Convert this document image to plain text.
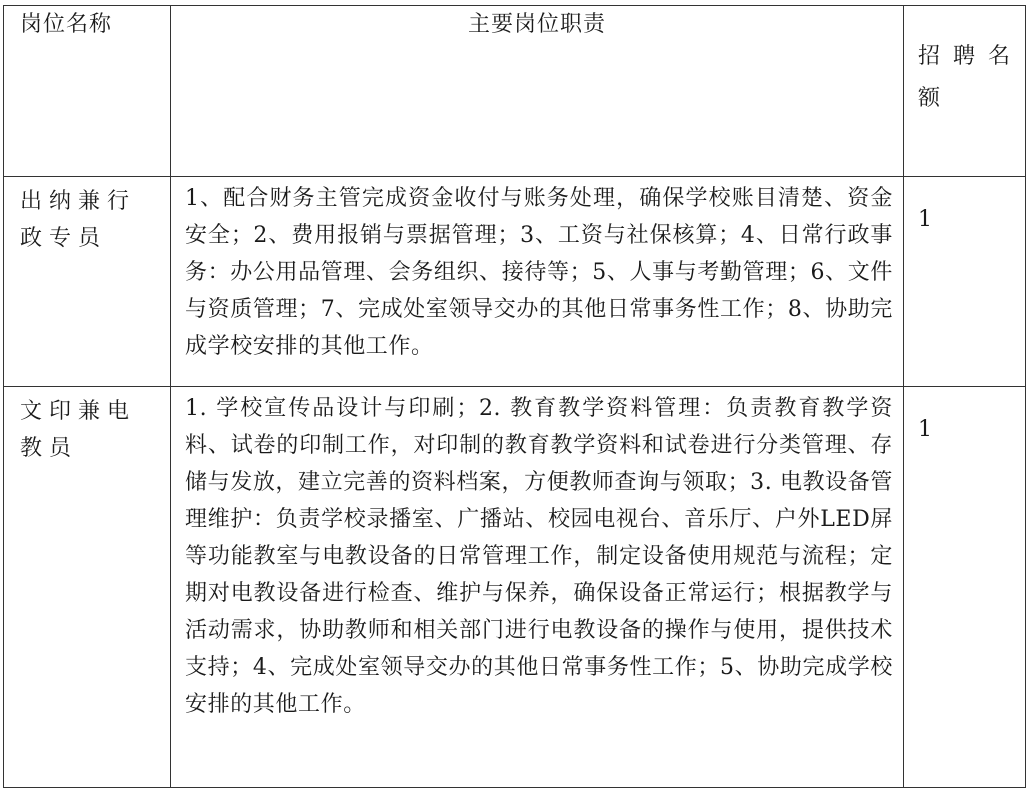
岗位名称	主要岗位职责	招聘名额
出纳兼行政专员	1、配合财务主管完成资金收付与账务处理，确保学校账目清楚、资金安全；2、费用报销与票据管理；3、工资与社保核算；4、日常行政事务：办公用品管理、会务组织、接待等；5、人事与考勤管理；6、文件与资质管理；7、完成处室领导交办的其他日常事务性工作；8、协助完成学校安排的其他工作。	1
文印兼电教员	1. 学校宣传品设计与印刷；2. 教育教学资料管理：负责教育教学资料、试卷的印制工作，对印制的教育教学资料和试卷进行分类管理、存储与发放，建立完善的资料档案，方便教师查询与领取；3. 电教设备管理维护：负责学校录播室、广播站、校园电视台、音乐厅、户外LED屏等功能教室与电教设备的日常管理工作，制定设备使用规范与流程；定期对电教设备进行检查、维护与保养，确保设备正常运行；根据教学与活动需求，协助教师和相关部门进行电教设备的操作与使用，提供技术支持；4、完成处室领导交办的其他日常事务性工作；5、协助完成学校安排的其他工作。	1
